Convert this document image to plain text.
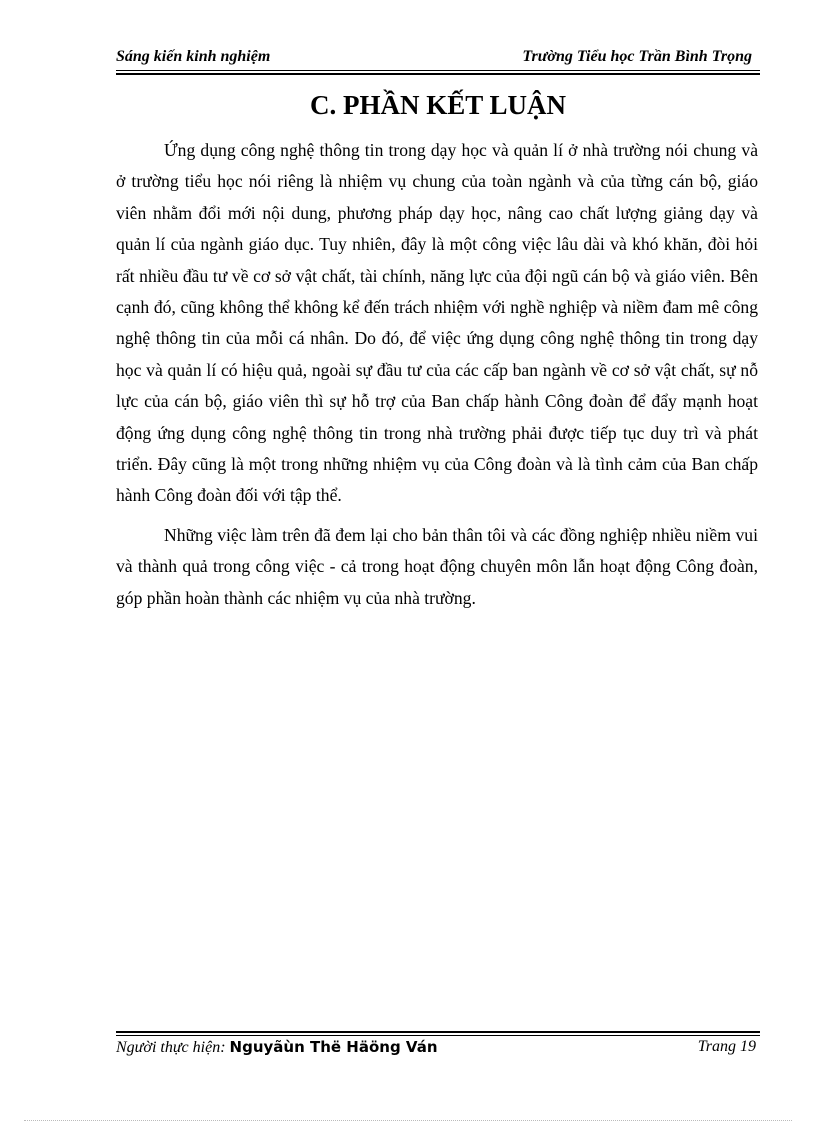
Sáng kiến kinh nghiệm	Trường Tiểu học Trần Bình Trọng
C. PHẦN KẾT LUẬN

Ứng dụng công nghệ thông tin trong dạy học và quản lí ở nhà trường nói chung và ở trường tiểu học nói riêng là nhiệm vụ chung của toàn ngành và của từng cán bộ, giáo viên nhằm đổi mới nội dung, phương pháp dạy học, nâng cao chất lượng giảng dạy và quản lí của ngành giáo dục. Tuy nhiên, đây là một công việc lâu dài và khó khăn, đòi hỏi rất nhiều đầu tư về cơ sở vật chất, tài chính, năng lực của đội ngũ cán bộ và giáo viên. Bên cạnh đó, cũng không thể không kể đến trách nhiệm với nghề nghiệp và niềm đam mê công nghệ thông tin của mỗi cá nhân. Do đó, để việc ứng dụng công nghệ thông tin trong dạy học và quản lí có hiệu quả, ngoài sự đầu tư của các cấp ban ngành về cơ sở vật chất, sự nỗ lực của cán bộ, giáo viên thì sự hỗ trợ của Ban chấp hành Công đoàn để đẩy mạnh hoạt động ứng dụng công nghệ thông tin trong nhà trường phải được tiếp tục duy trì và phát triển. Đây cũng là một trong những nhiệm vụ của Công đoàn và là tình cảm của Ban chấp hành Công đoàn đối với tập thể.

Những việc làm trên đã đem lại cho bản thân tôi và các đồng nghiệp nhiều niềm vui và thành quả trong công việc - cả trong hoạt động chuyên môn lẫn hoạt động Công đoàn, góp phần hoàn thành các nhiệm vụ của nhà trường.

Người thực hiện: Nguyãùn Thë Häöng Ván	Trang 19
